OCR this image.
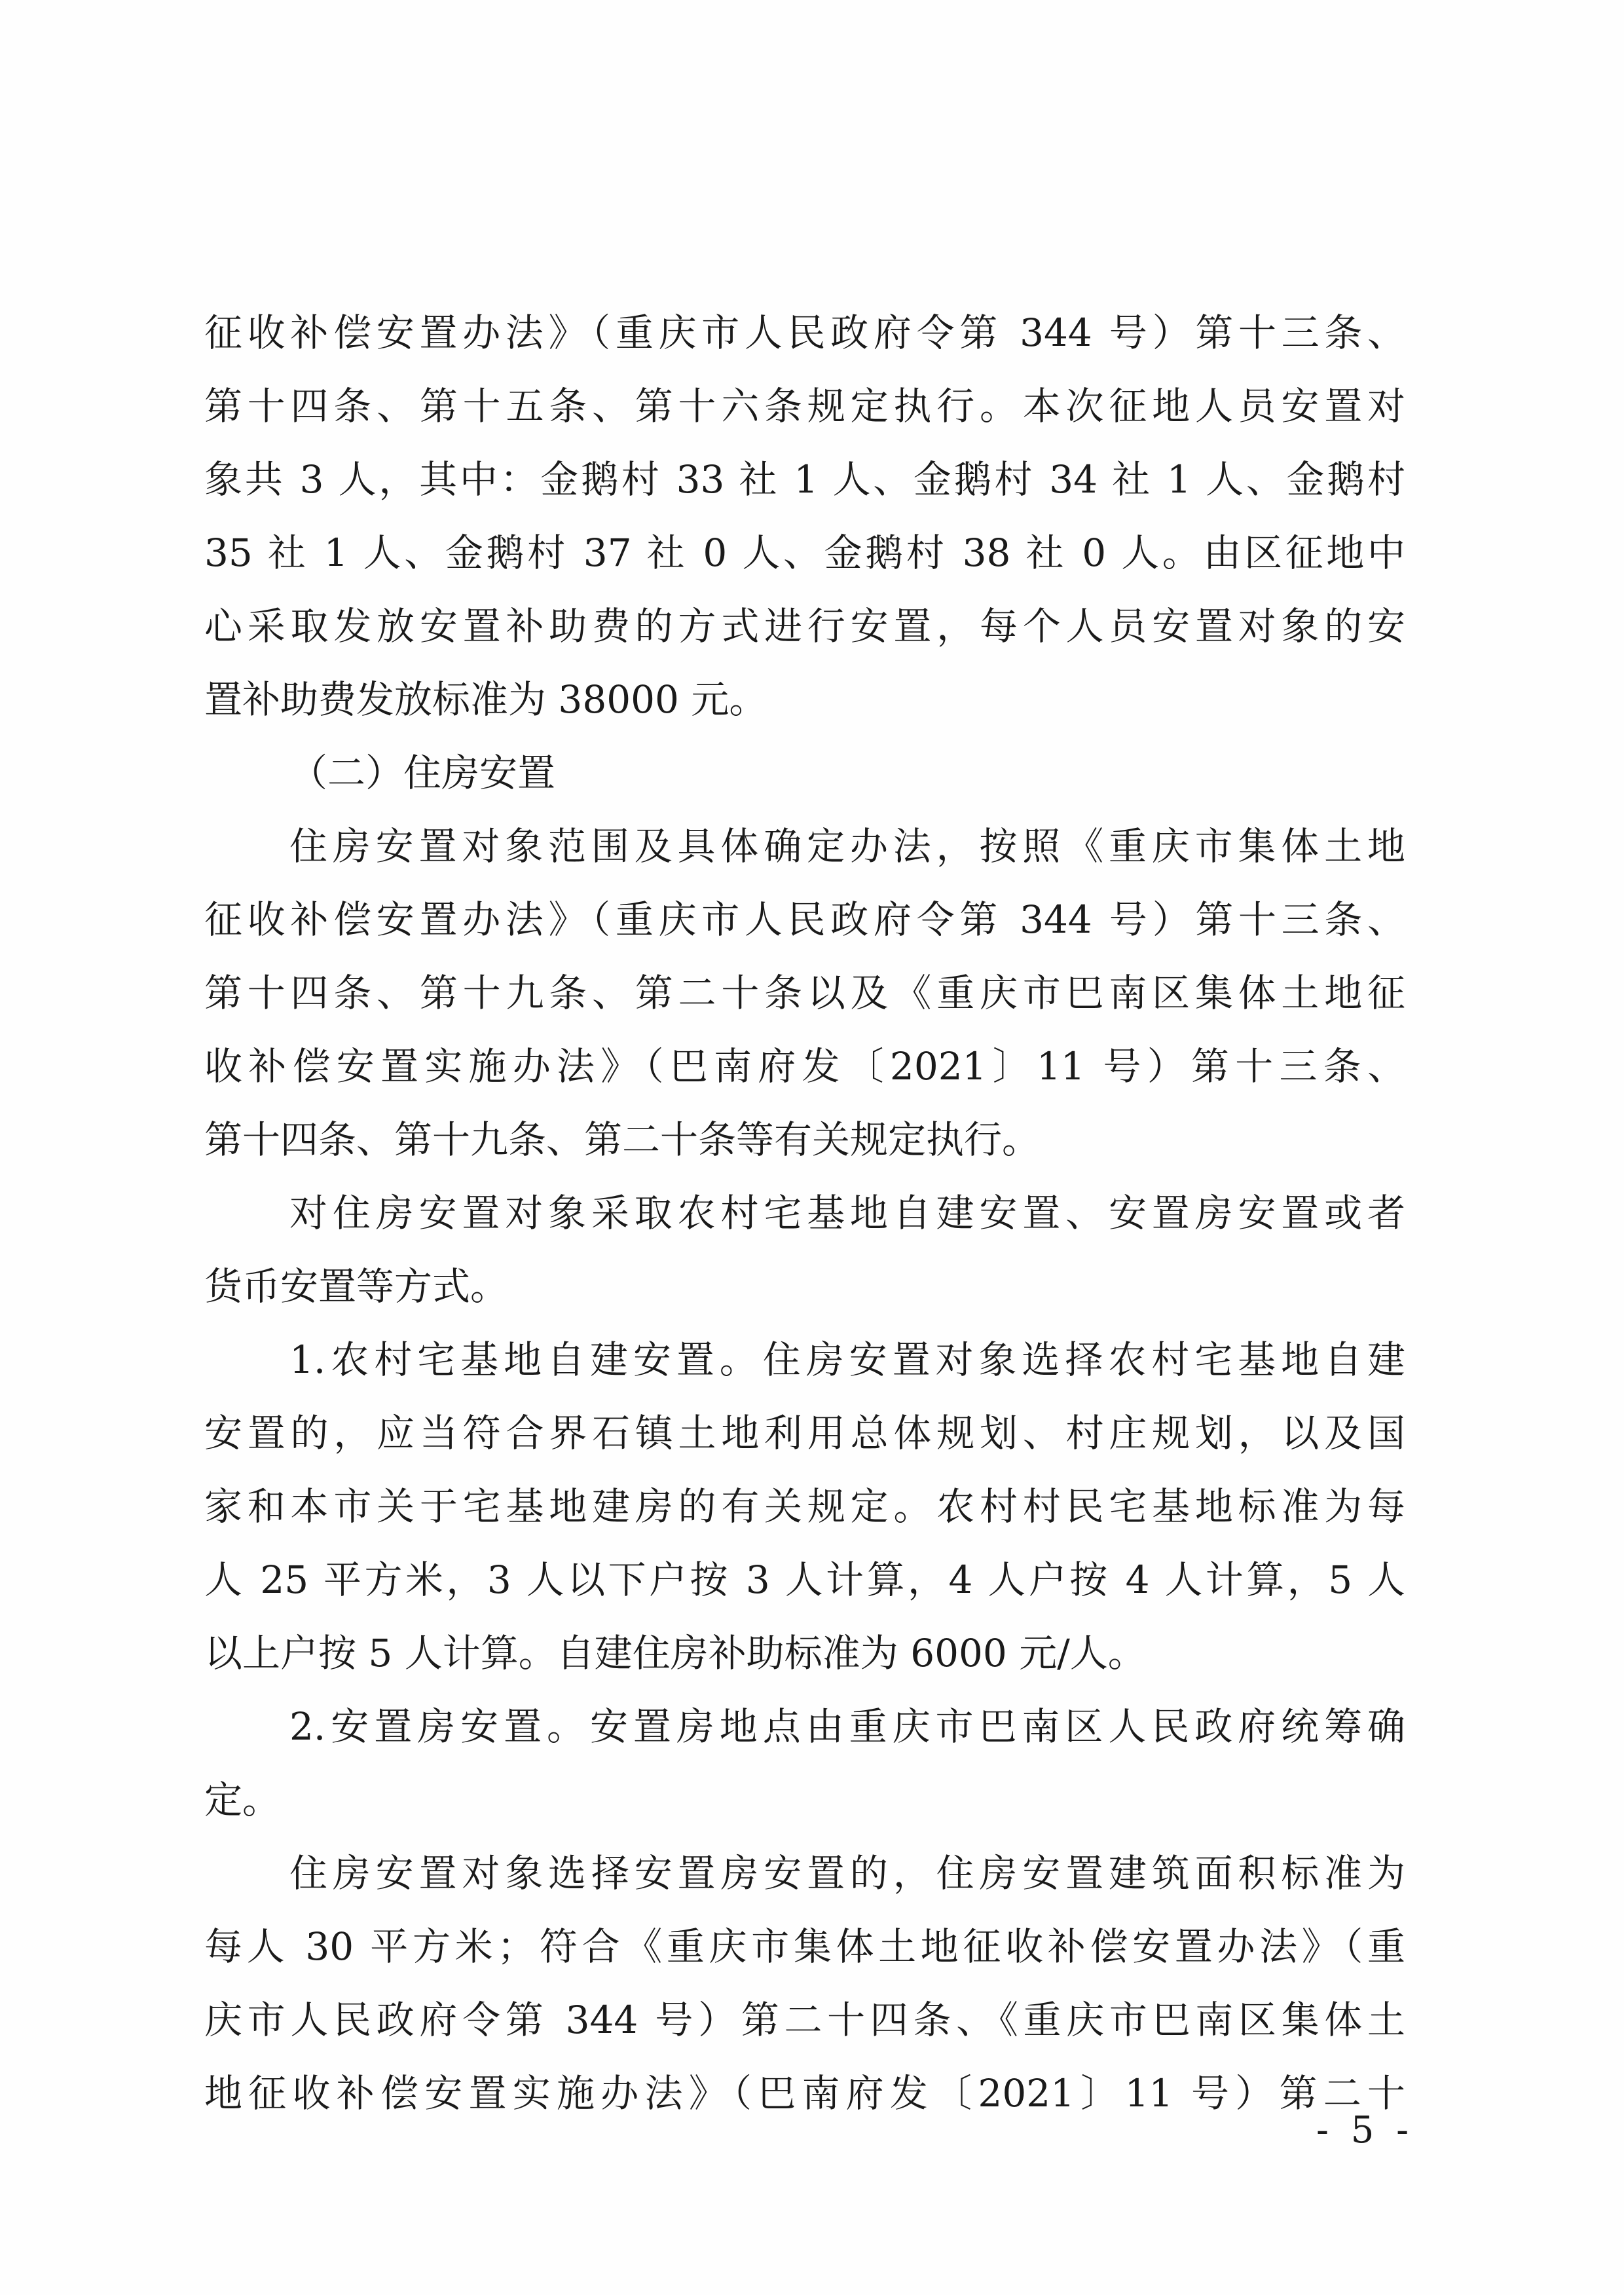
征收补偿安置办法》（重庆市人民政府令第 344 号）第十三条、
第十四条、第十五条、第十六条规定执行。本次征地人员安置对
象共 3 人，其中：金鹅村 33 社 1 人、金鹅村 34 社 1 人、金鹅村
35 社 1 人、金鹅村 37 社 0 人、金鹅村 38 社 0 人。由区征地中
心采取发放安置补助费的方式进行安置，每个人员安置对象的安
置补助费发放标准为 38000 元。
（二）住房安置
住房安置对象范围及具体确定办法，按照《重庆市集体土地
征收补偿安置办法》（重庆市人民政府令第 344 号）第十三条、
第十四条、第十九条、第二十条以及《重庆市巴南区集体土地征
收补偿安置实施办法》（巴南府发〔2021〕11 号）第十三条、
第十四条、第十九条、第二十条等有关规定执行。
对住房安置对象采取农村宅基地自建安置、安置房安置或者
货币安置等方式。
1.农村宅基地自建安置。住房安置对象选择农村宅基地自建
安置的，应当符合界石镇土地利用总体规划、村庄规划，以及国
家和本市关于宅基地建房的有关规定。农村村民宅基地标准为每
人 25 平方米，3 人以下户按 3 人计算，4 人户按 4 人计算，5 人
以上户按 5 人计算。自建住房补助标准为 6000 元/人。
2.安置房安置。安置房地点由重庆市巴南区人民政府统筹确
定。
住房安置对象选择安置房安置的，住房安置建筑面积标准为
每人 30 平方米；符合《重庆市集体土地征收补偿安置办法》（重
庆市人民政府令第 344 号）第二十四条、《重庆市巴南区集体土
地征收补偿安置实施办法》（巴南府发〔2021〕11 号）第二十
- 5 -
